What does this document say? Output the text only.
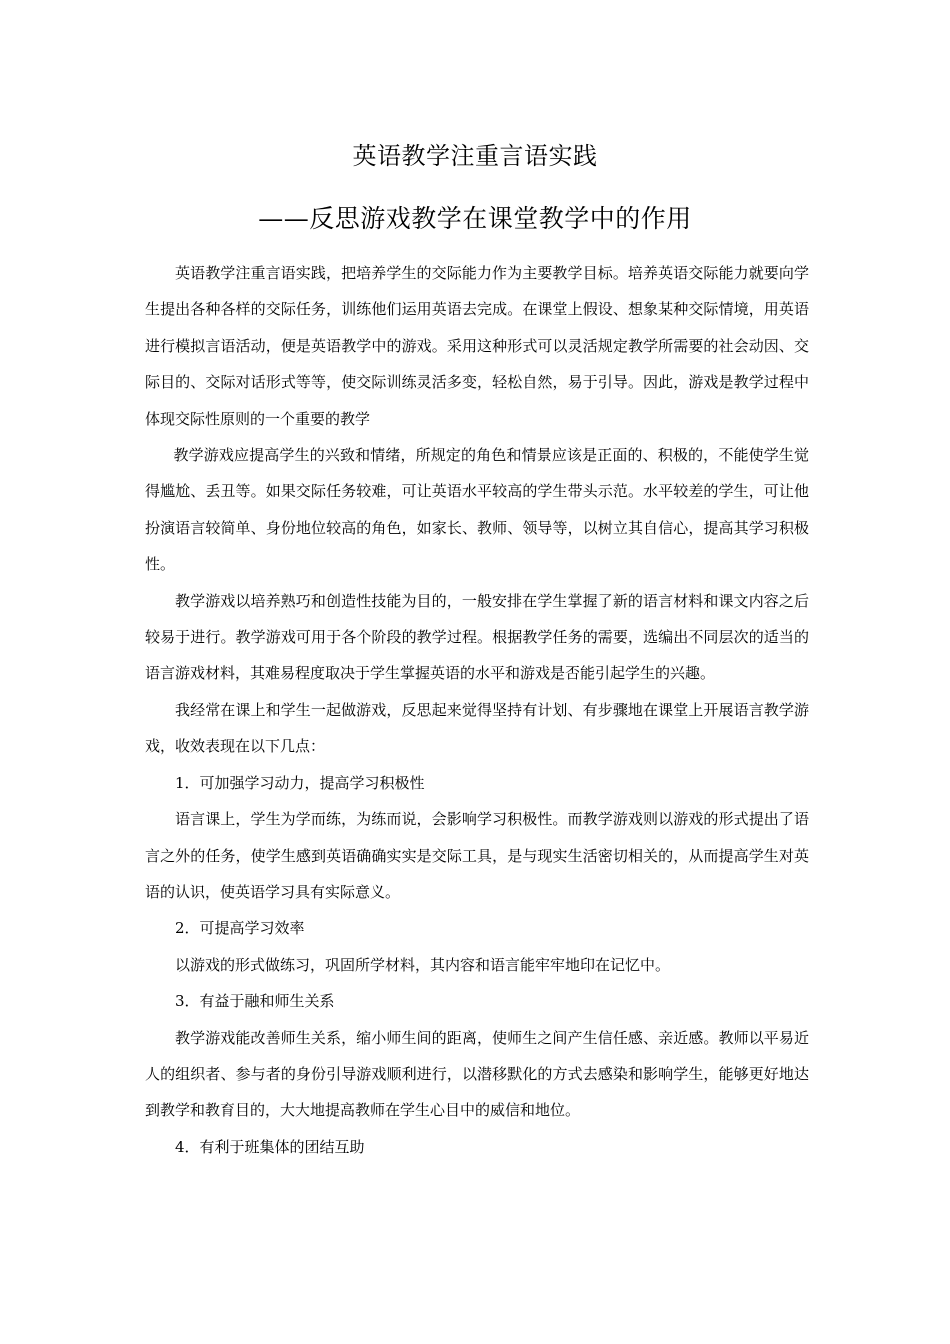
英语教学注重言语实践
——反思游戏教学在课堂教学中的作用

英语教学注重言语实践，把培养学生的交际能力作为主要教学目标。培养英语交际能力就要向学生提出各种各样的交际任务，训练他们运用英语去完成。在课堂上假设、想象某种交际情境，用英语进行模拟言语活动，便是英语教学中的游戏。采用这种形式可以灵活规定教学所需要的社会动因、交际目的、交际对话形式等等，使交际训练灵活多变，轻松自然，易于引导。因此，游戏是教学过程中体现交际性原则的一个重要的教学

教学游戏应提高学生的兴致和情绪，所规定的角色和情景应该是正面的、积极的，不能使学生觉得尴尬、丢丑等。如果交际任务较难，可让英语水平较高的学生带头示范。水平较差的学生，可让他扮演语言较简单、身份地位较高的角色，如家长、教师、领导等，以树立其自信心，提高其学习积极性。

教学游戏以培养熟巧和创造性技能为目的，一般安排在学生掌握了新的语言材料和课文内容之后较易于进行。教学游戏可用于各个阶段的教学过程。根据教学任务的需要，选编出不同层次的适当的语言游戏材料，其难易程度取决于学生掌握英语的水平和游戏是否能引起学生的兴趣。

我经常在课上和学生一起做游戏，反思起来觉得坚持有计划、有步骤地在课堂上开展语言教学游戏，收效表现在以下几点：

1．可加强学习动力，提高学习积极性

语言课上，学生为学而练，为练而说，会影响学习积极性。而教学游戏则以游戏的形式提出了语言之外的任务，使学生感到英语确确实实是交际工具，是与现实生活密切相关的，从而提高学生对英语的认识，使英语学习具有实际意义。

2．可提高学习效率

以游戏的形式做练习，巩固所学材料，其内容和语言能牢牢地印在记忆中。

3．有益于融和师生关系

教学游戏能改善师生关系，缩小师生间的距离，使师生之间产生信任感、亲近感。教师以平易近人的组织者、参与者的身份引导游戏顺利进行，以潜移默化的方式去感染和影响学生，能够更好地达到教学和教育目的，大大地提高教师在学生心目中的威信和地位。

4．有利于班集体的团结互助
